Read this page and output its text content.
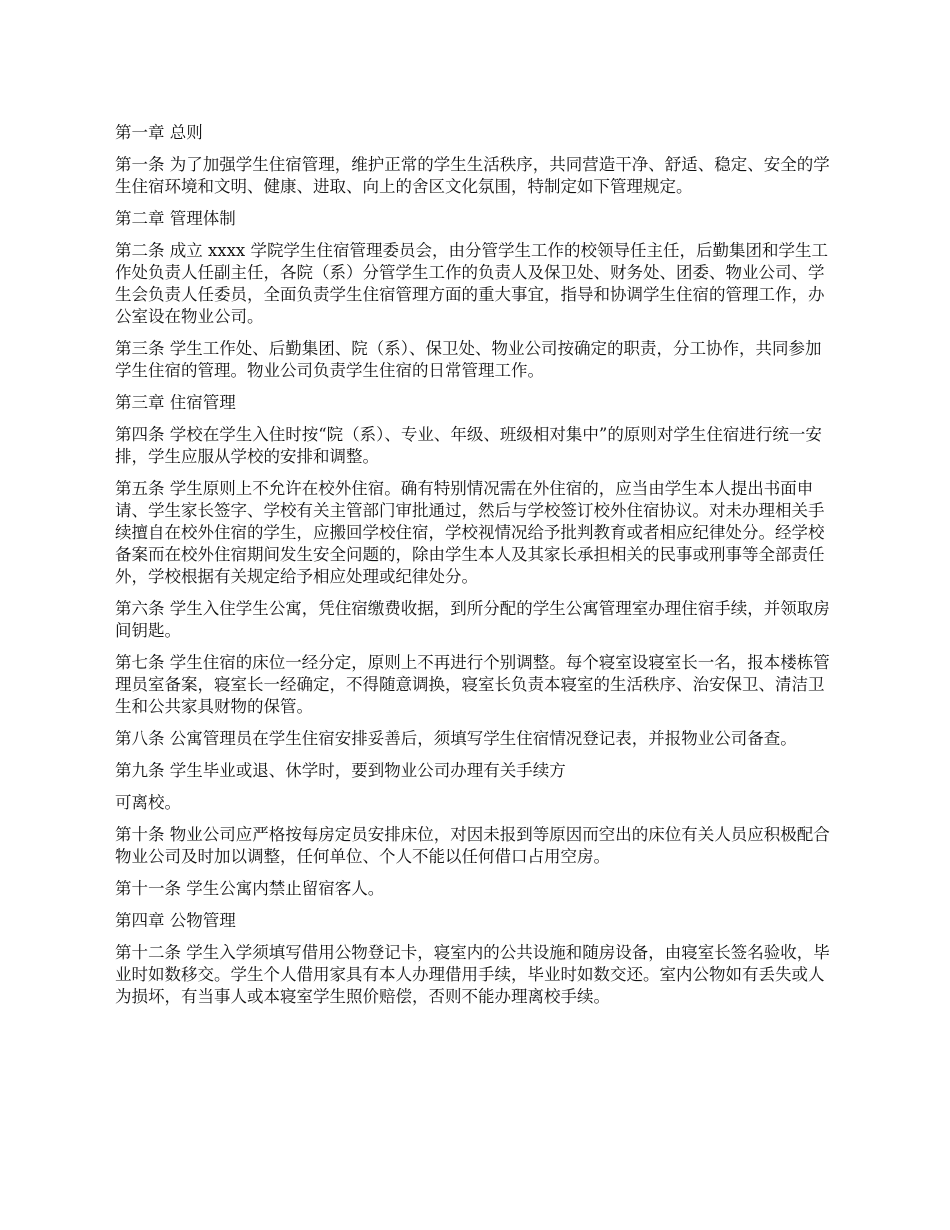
第一章 总则

第一条 为了加强学生住宿管理，维护正常的学生生活秩序，共同营造干净、舒适、稳定、安全的学生住宿环境和文明、健康、进取、向上的舍区文化氛围，特制定如下管理规定。

第二章 管理体制

第二条 成立 xxxx 学院学生住宿管理委员会，由分管学生工作的校领导任主任，后勤集团和学生工作处负责人任副主任，各院（系）分管学生工作的负责人及保卫处、财务处、团委、物业公司、学生会负责人任委员，全面负责学生住宿管理方面的重大事宜，指导和协调学生住宿的管理工作，办公室设在物业公司。

第三条 学生工作处、后勤集团、院（系）、保卫处、物业公司按确定的职责，分工协作，共同参加学生住宿的管理。物业公司负责学生住宿的日常管理工作。

第三章 住宿管理

第四条 学校在学生入住时按“院（系）、专业、年级、班级相对集中”的原则对学生住宿进行统一安排，学生应服从学校的安排和调整。

第五条 学生原则上不允许在校外住宿。确有特别情况需在外住宿的，应当由学生本人提出书面申请、学生家长签字、学校有关主管部门审批通过，然后与学校签订校外住宿协议。对未办理相关手续擅自在校外住宿的学生，应搬回学校住宿，学校视情况给予批判教育或者相应纪律处分。经学校备案而在校外住宿期间发生安全问题的，除由学生本人及其家长承担相关的民事或刑事等全部责任外，学校根据有关规定给予相应处理或纪律处分。

第六条 学生入住学生公寓，凭住宿缴费收据，到所分配的学生公寓管理室办理住宿手续，并领取房间钥匙。

第七条 学生住宿的床位一经分定，原则上不再进行个别调整。每个寝室设寝室长一名，报本楼栋管理员室备案，寝室长一经确定，不得随意调换，寝室长负责本寝室的生活秩序、治安保卫、清洁卫生和公共家具财物的保管。

第八条 公寓管理员在学生住宿安排妥善后，须填写学生住宿情况登记表，并报物业公司备查。

第九条 学生毕业或退、休学时，要到物业公司办理有关手续方

可离校。

第十条 物业公司应严格按每房定员安排床位，对因未报到等原因而空出的床位有关人员应积极配合物业公司及时加以调整，任何单位、个人不能以任何借口占用空房。

第十一条 学生公寓内禁止留宿客人。

第四章 公物管理

第十二条 学生入学须填写借用公物登记卡，寝室内的公共设施和随房设备，由寝室长签名验收，毕业时如数移交。学生个人借用家具有本人办理借用手续，毕业时如数交还。室内公物如有丢失或人为损坏，有当事人或本寝室学生照价赔偿，否则不能办理离校手续。
